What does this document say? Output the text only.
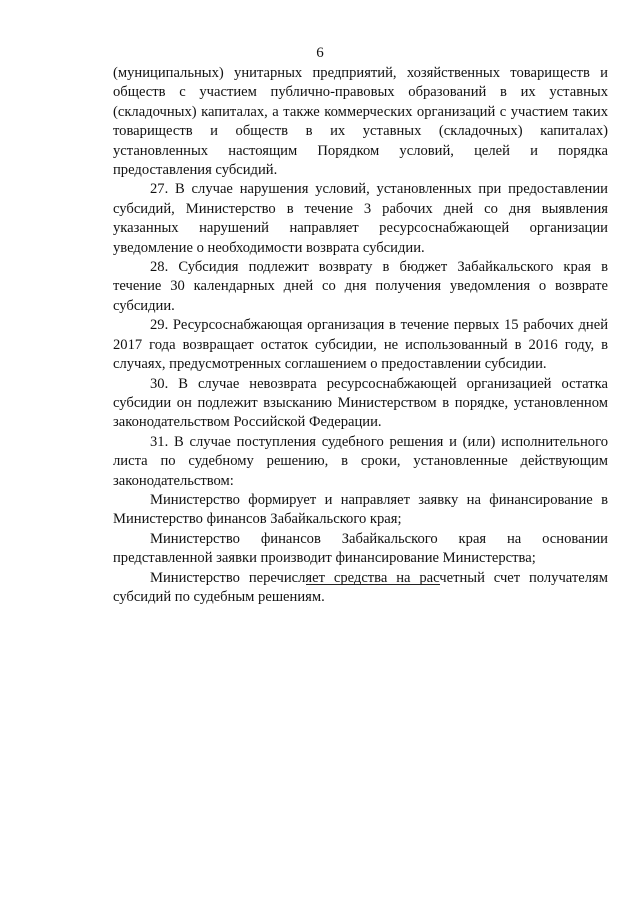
6

(муниципальных) унитарных предприятий, хозяйственных товариществ и обществ с участием публично-правовых образований в их уставных (складочных) капиталах, а также коммерческих организаций с участием таких товариществ и обществ в их уставных (складочных) капиталах) установленных настоящим Порядком условий, целей и порядка предоставления субсидий.

27. В случае нарушения условий, установленных при предоставлении субсидий, Министерство в течение 3 рабочих дней со дня выявления указанных нарушений направляет ресурсоснабжающей организации уведомление о необходимости возврата субсидии.

28. Субсидия подлежит возврату в бюджет Забайкальского края в течение 30 календарных дней со дня получения уведомления о возврате субсидии.

29. Ресурсоснабжающая организация в течение первых 15 рабочих дней 2017 года возвращает остаток субсидии, не использованный в 2016 году, в случаях, предусмотренных соглашением о предоставлении субсидии.

30. В случае невозврата ресурсоснабжающей организацией остатка субсидии он подлежит взысканию Министерством в порядке, установленном законодательством Российской Федерации.

31. В случае поступления судебного решения и (или) исполнительного листа по судебному решению, в сроки, установленные действующим законодательством:

Министерство формирует и направляет заявку на финансирование в Министерство финансов Забайкальского края;

Министерство финансов Забайкальского края на основании представленной заявки производит финансирование Министерства;

Министерство перечисляет средства на расчетный счет получателям субсидий по судебным решениям.
